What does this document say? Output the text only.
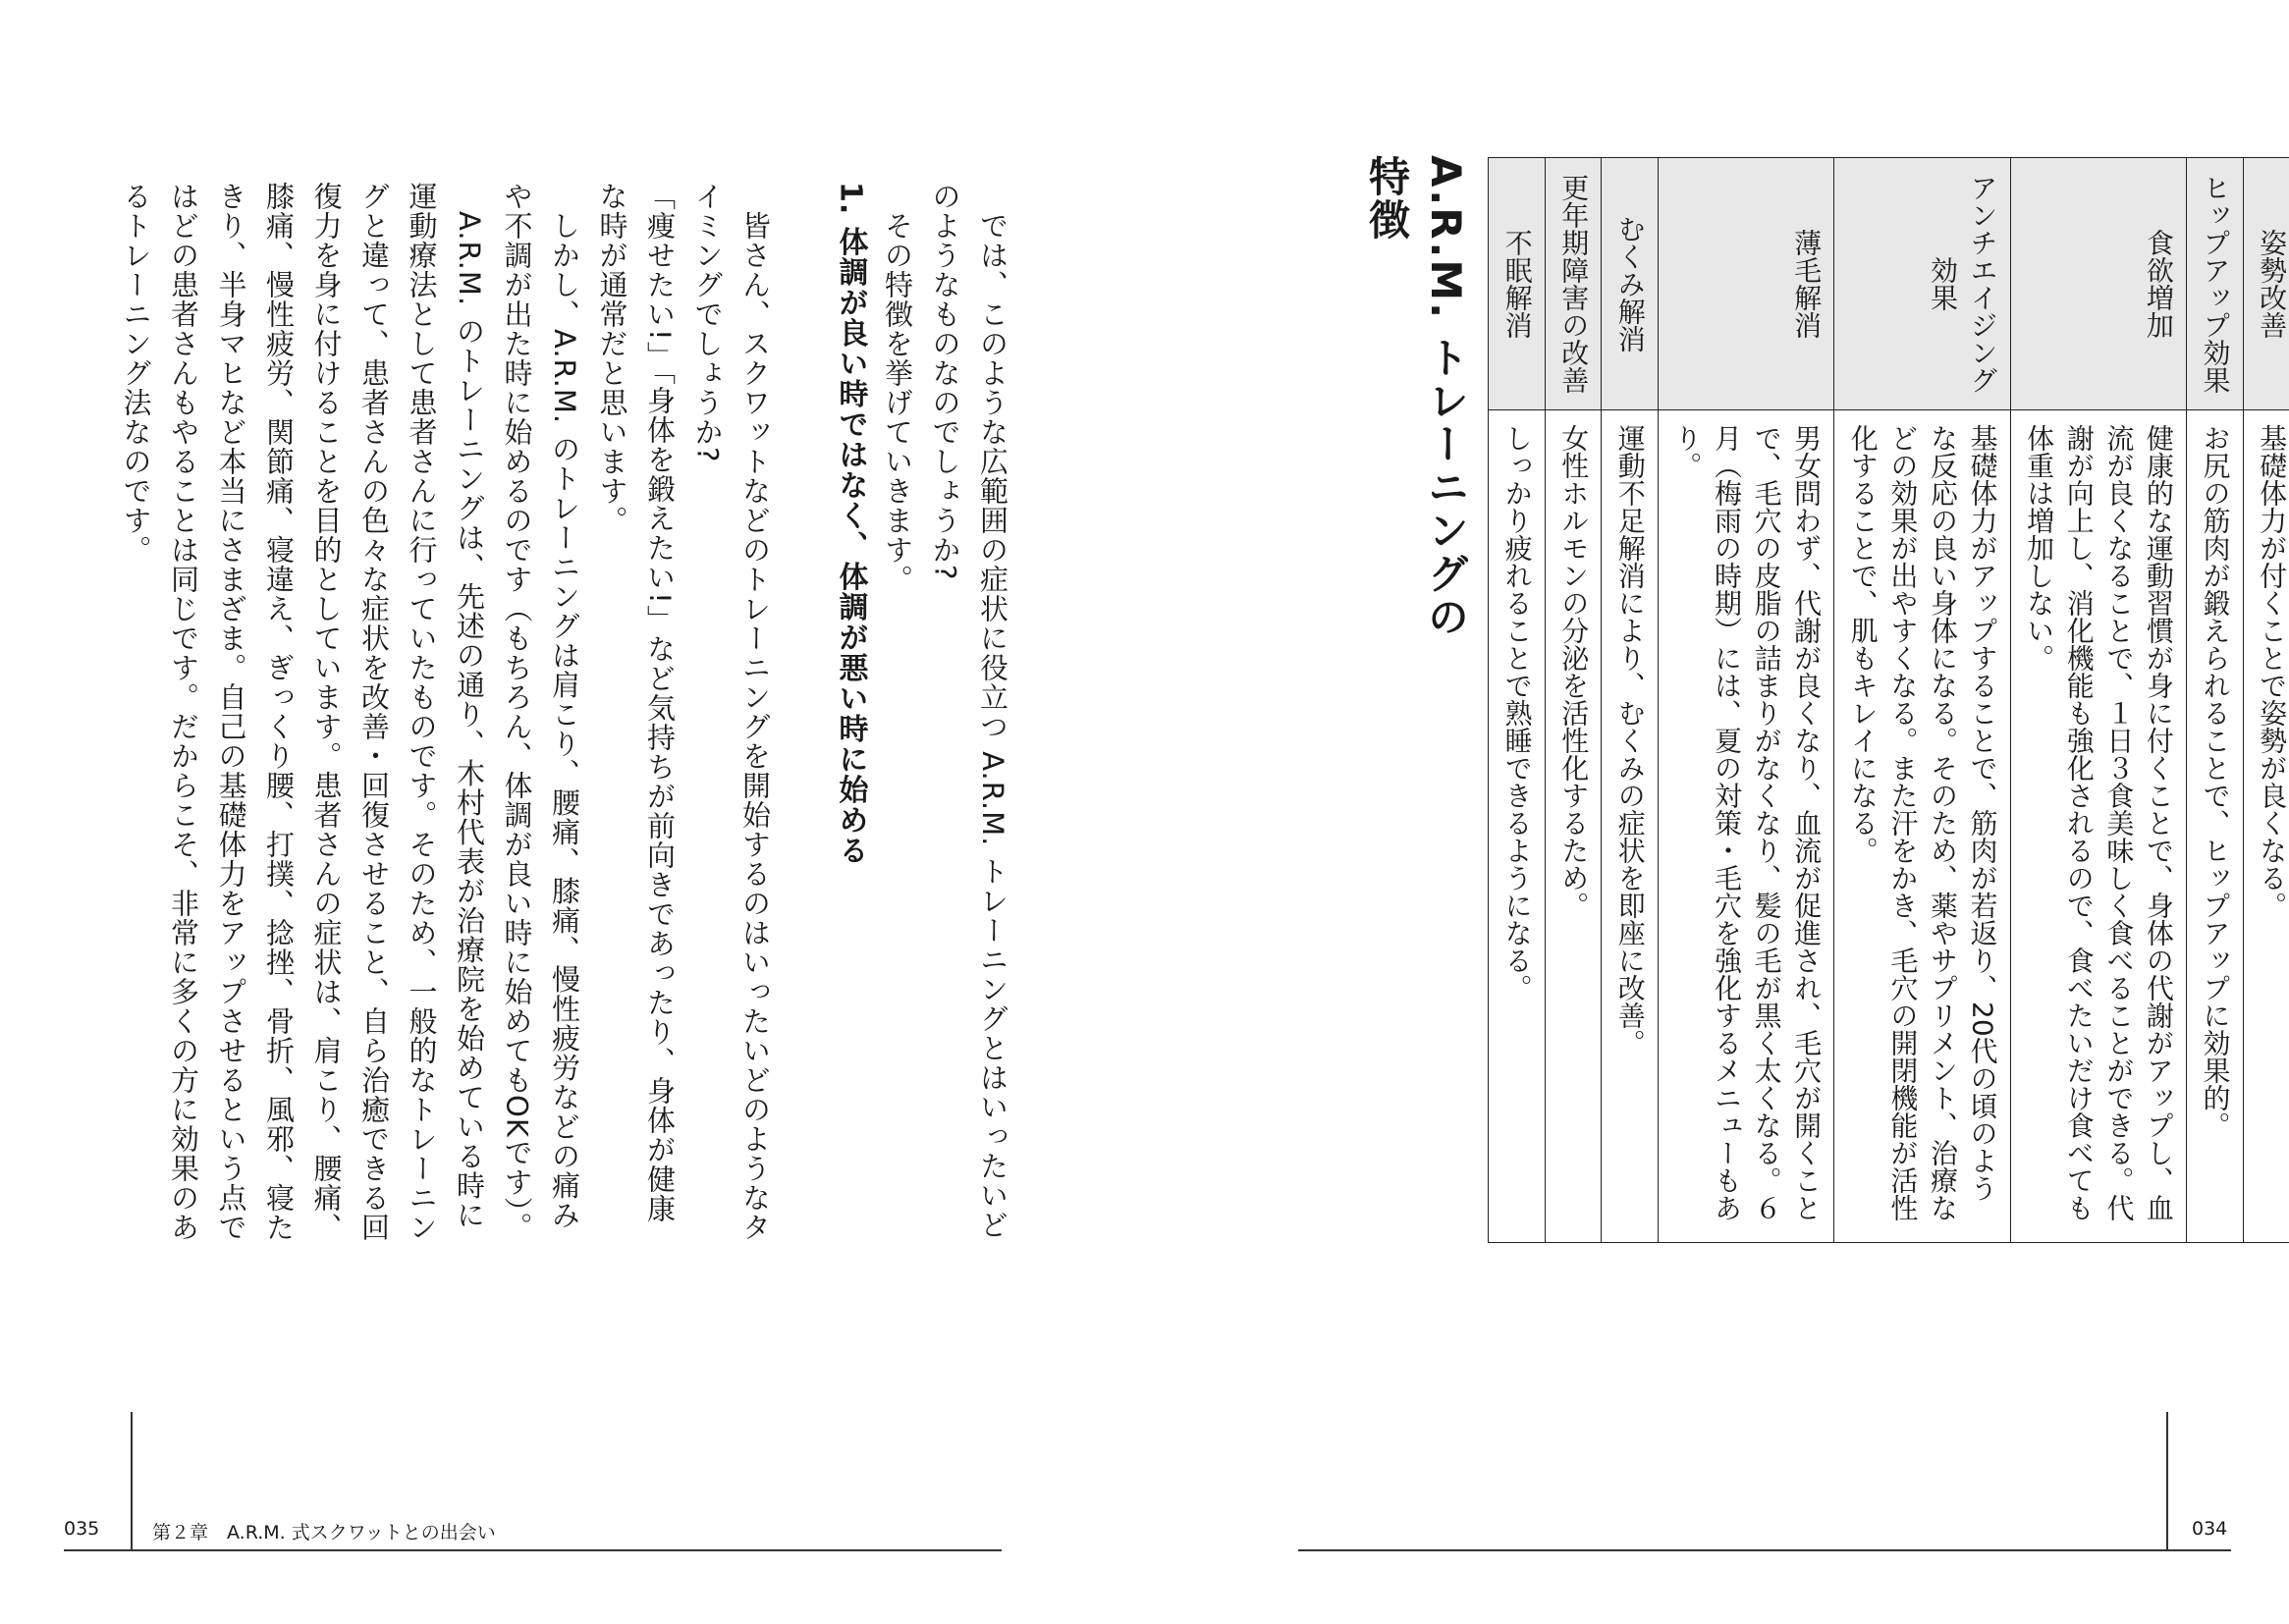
A.R.M. トレーニングの特徴
姿勢改善	基礎体力が付くことで姿勢が良くなる。
ヒップアップ効果	お尻の筋肉が鍛えられることで、ヒップアップに効果的。
食欲増加	健康的な運動習慣が身に付くことで、身体の代謝がアップし、血流が良くなることで、１日３食美味しく食べることができる。代謝が向上し、消化機能も強化されるので、食べたいだけ食べても体重は増加しない。
アンチエイジング効果	基礎体力がアップすることで、筋肉が若返り、20代の頃のような反応の良い身体になる。そのため、薬やサプリメント、治療などの効果が出やすくなる。また汗をかき、毛穴の開閉機能が活性化することで、肌もキレイになる。
薄毛解消	男女問わず、代謝が良くなり、血流が促進され、毛穴が開くことで、毛穴の皮脂の詰まりがなくなり、髪の毛が黒く太くなる。６月（梅雨の時期）には、夏の対策・毛穴を強化するメニューもあり。
むくみ解消	運動不足解消により、むくみの症状を即座に改善。
更年期障害の改善	女性ホルモンの分泌を活性化するため。
不眠解消	しっかり疲れることで熟睡できるようになる。

　では、このような広範囲の症状に役立つ A.R.M. トレーニングとはいったいどのようなものなのでしょうか?

　その特徴を挙げていきます。

1. 体調が良い時ではなく、体調が悪い時に始める

　皆さん、スクワットなどのトレーニングを開始するのはいったいどのようなタイミングでしょうか?

「痩せたい!」「身体を鍛えたい!」など気持ちが前向きであったり、身体が健康な時が通常だと思います。

　しかし、A.R.M. のトレーニングは肩こり、腰痛、膝痛、慢性疲労などの痛みや不調が出た時に始めるのです（もちろん、体調が良い時に始めてもOKです）。

　A.R.M. のトレーニングは、先述の通り、木村代表が治療院を始めている時に運動療法として患者さんに行っていたものです。そのため、一般的なトレーニングと違って、患者さんの色々な症状を改善・回復させること、自ら治癒できる回復力を身に付けることを目的としています。患者さんの症状は、肩こり、腰痛、膝痛、慢性疲労、関節痛、寝違え、ぎっくり腰、打撲、捻挫、骨折、風邪、寝たきり、半身マヒなど本当にさまざま。自己の基礎体力をアップさせるという点ではどの患者さんもやることは同じです。だからこそ、非常に多くの方に効果のあるトレーニング法なのです。

035	第２章　A.R.M. 式スクワットとの出会い	034
